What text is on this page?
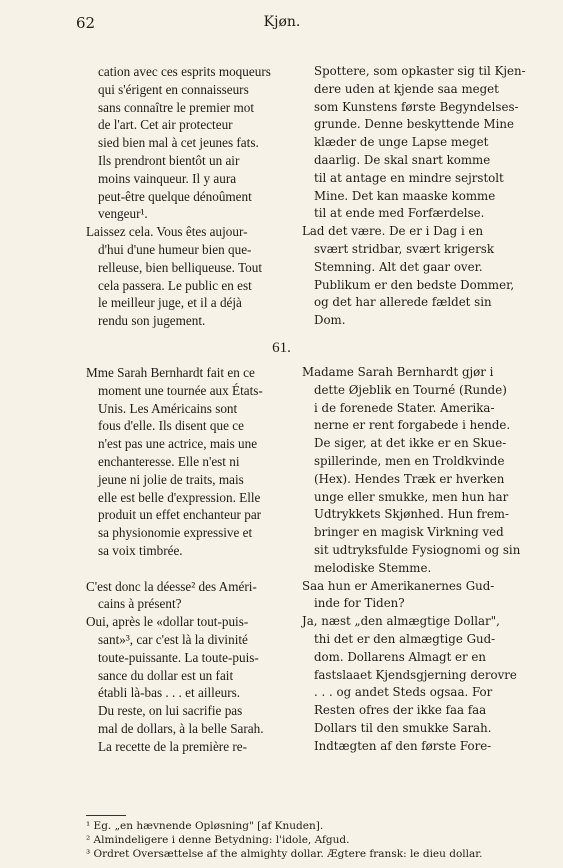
62	Kjøn.
cation avec ces esprits moqueurs
qui s'érigent en connaisseurs
sans connaître le premier mot
de l'art. Cet air protecteur
sied bien mal à cet jeunes fats.
Ils prendront bientôt un air
moins vainqueur. Il y aura
peut-être quelque dénoûment
vengeur¹.
Laissez cela. Vous êtes aujour-
d'hui d'une humeur bien que-
relleuse, bien belliqueuse. Tout
cela passera. Le public en est
le meilleur juge, et il a déjà
rendu son jugement.
Spottere, som opkaster sig til Kjen-
dere uden at kjende saa meget
som Kunstens første Begyndelses-
grunde. Denne beskyttende Mine
klæder de unge Lapse meget
daarlig. De skal snart komme
til at antage en mindre sejrstolt
Mine. Det kan maaske komme
til at ende med Forfærdelse.
Lad det være. De er i Dag i en
svært stridbar, svært krigersk
Stemning. Alt det gaar over.
Publikum er den bedste Dommer,
og det har allerede fældet sin
Dom.
61.
Mme Sarah Bernhardt fait en ce
moment une tournée aux États-
Unis. Les Américains sont
fous d'elle. Ils disent que ce
n'est pas une actrice, mais une
enchanteresse. Elle n'est ni
jeune ni jolie de traits, mais
elle est belle d'expression. Elle
produit un effet enchanteur par
sa physionomie expressive et
sa voix timbrée.

C'est donc la déesse² des Améri-
cains à présent?
Oui, après le «dollar tout-puis-
sant»³, car c'est là la divinité
toute-puissante. La toute-puis-
sance du dollar est un fait
établi là-bas . . . et ailleurs.
Du reste, on lui sacrifie pas
mal de dollars, à la belle Sarah.
La recette de la première re-
Madame Sarah Bernhardt gjør i
dette Øjeblik en Tourné (Runde)
i de forenede Stater. Amerika-
nerne er rent forgabede i hende.
De siger, at det ikke er en Skue-
spillerinde, men en Troldkvinde
(Hex). Hendes Træk er hverken
unge eller smukke, men hun har
Udtrykkets Skjønhed. Hun frem-
bringer en magisk Virkning ved
sit udtryksfulde Fysiognomi og sin
melodiske Stemme.
Saa hun er Amerikanernes Gud-
inde for Tiden?
Ja, næst „den almægtige Dollar",
thi det er den almægtige Gud-
dom. Dollarens Almagt er en
fastslaaet Kjendsgjerning derovre
. . . og andet Steds ogsaa. For
Resten ofres der ikke faa faa
Dollars til den smukke Sarah.
Indtægten af den første Fore-
¹ Eg. „en hævnende Opløsning" [af Knuden].
² Almindeligere i denne Betydning: l'idole, Afgud.
³ Ordret Oversættelse af the almighty dollar. Ægtere fransk: le dieu dollar.
